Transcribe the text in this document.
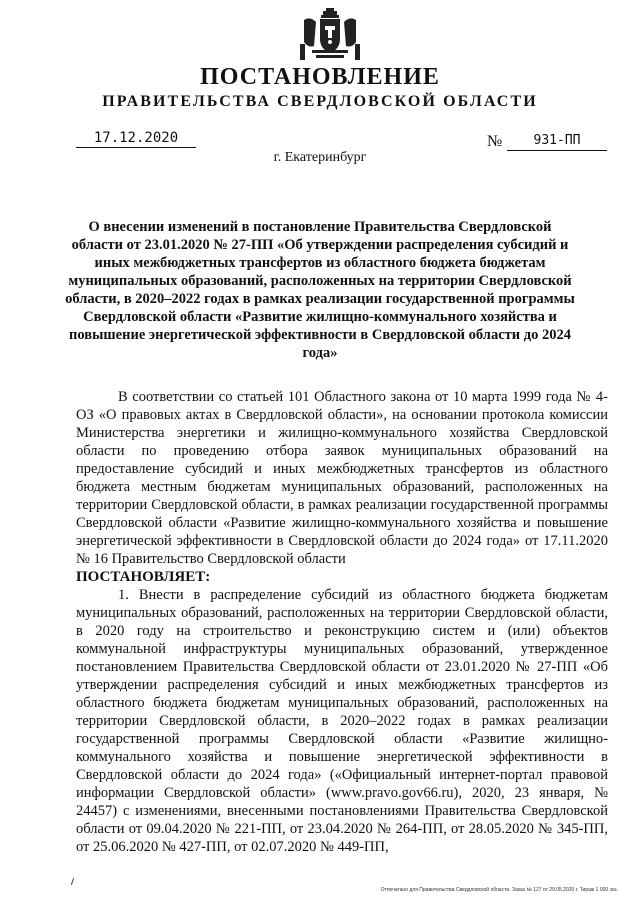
ПОСТАНОВЛЕНИЕ
ПРАВИТЕЛЬСТВА СВЕРДЛОВСКОЙ ОБЛАСТИ
17.12.2020	№	931-ПП
г. Екатеринбург
О внесении изменений в постановление Правительства Свердловской области от 23.01.2020 № 27-ПП «Об утверждении распределения субсидий и иных межбюджетных трансфертов из областного бюджета бюджетам муниципальных образований, расположенных на территории Свердловской области, в 2020–2022 годах в рамках реализации государственной программы Свердловской области «Развитие жилищно-коммунального хозяйства и повышение энергетической эффективности в Свердловской области до 2024 года»

В соответствии со статьей 101 Областного закона от 10 марта 1999 года № 4-ОЗ «О правовых актах в Свердловской области», на основании протокола комиссии Министерства энергетики и жилищно-коммунального хозяйства Свердловской области по проведению отбора заявок муниципальных образований на предоставление субсидий и иных межбюджетных трансфертов из областного бюджета местным бюджетам муниципальных образований, расположенных на территории Свердловской области, в рамках реализации государственной программы Свердловской области «Развитие жилищно-коммунального хозяйства и повышение энергетической эффективности в Свердловской области до 2024 года» от 17.11.2020 № 16 Правительство Свердловской области

ПОСТАНОВЛЯЕТ:

1. Внести в распределение субсидий из областного бюджета бюджетам муниципальных образований, расположенных на территории Свердловской области, в 2020 году на строительство и реконструкцию систем и (или) объектов коммунальной инфраструктуры муниципальных образований, утвержденное постановлением Правительства Свердловской области от 23.01.2020 № 27-ПП «Об утверждении распределения субсидий и иных межбюджетных трансфертов из областного бюджета бюджетам муниципальных образований, расположенных на территории Свердловской области, в 2020–2022 годах в рамках реализации государственной программы Свердловской области «Развитие жилищно-коммунального хозяйства и повышение энергетической эффективности в Свердловской области до 2024 года» («Официальный интернет-портал правовой информации Свердловской области» (www.pravo.gov66.ru), 2020, 23 января, № 24457) с изменениями, внесенными постановлениями Правительства Свердловской области от 09.04.2020 № 221-ПП, от 23.04.2020 № 264-ПП, от 28.05.2020 № 345-ПП, от 25.06.2020 № 427-ПП, от 02.07.2020 № 449-ПП,

Отпечатано для Правительства Свердловской области. Заказ № 127 от 29.05.2020 г. Тираж 1 000 экз.
